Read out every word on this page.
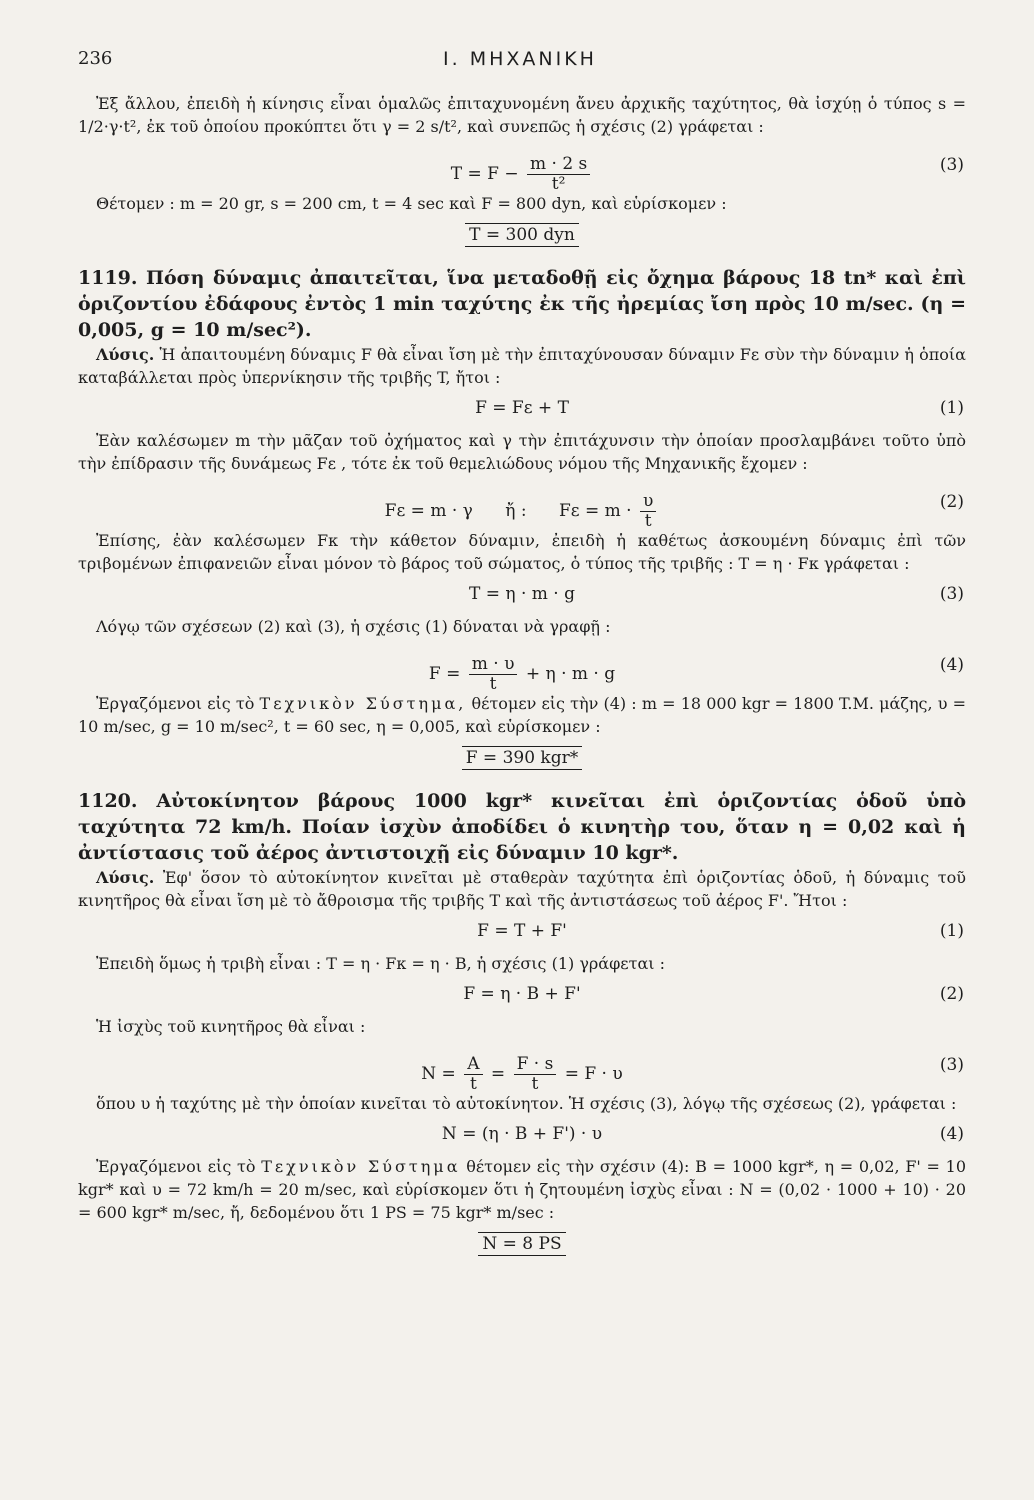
236	I. ΜΗΧΑΝΙΚΗ

Ἐξ ἄλλου, ἐπειδὴ ἡ κίνησις εἶναι ὁμαλῶς ἐπιταχυνομένη ἄνευ ἀρχικῆς ταχύτητος, θὰ ἰσχύῃ ὁ τύπος s = 1/2·γ·t², ἐκ τοῦ ὁποίου προκύπτει ὅτι γ = 2 s/t², καὶ συνεπῶς ἡ σχέσις (2) γράφεται :

$T = F - \frac{m \cdot 2 s}{\text{t²}}$	(3)

Θέτομεν : m = 20 gr, s = 200 cm, t = 4 sec καὶ F = 800 dyn, καὶ εὑρίσκομεν :

T = 300 dyn
1119. Πόση δύναμις ἀπαιτεῖται, ἵνα μεταδοθῇ εἰς ὄχημα βάρους 18 tn* καὶ ἐπὶ ὁριζοντίου ἐδάφους ἐντὸς 1 min ταχύτης ἐκ τῆς ἠρεμίας ἴση πρὸς 10 m/sec. (η = 0,005, g = 10 m/sec²).

Λύσις. Ἡ ἀπαιτουμένη δύναμις F θὰ εἶναι ἴση μὲ τὴν ἐπιταχύνουσαν δύναμιν Fε σὺν τὴν δύναμιν ἡ ὁποία καταβάλλεται πρὸς ὑπερνίκησιν τῆς τριβῆς T, ἤτοι :

F = Fε + T	(1)

Ἐὰν καλέσωμεν m τὴν μᾶζαν τοῦ ὀχήματος καὶ γ τὴν ἐπιτάχυνσιν τὴν ὁποίαν προσλαμβάνει τοῦτο ὑπὸ τὴν ἐπίδρασιν τῆς δυνάμεως Fε , τότε ἐκ τοῦ θεμελιώδους νόμου τῆς Μηχανικῆς ἔχομεν :

Fε = m · γ      ἤ :      $F\varepsilon = m \cdot \frac{\upsilon}{t}$	(2)

Ἐπίσης, ἐὰν καλέσωμεν Fκ τὴν κάθετον δύναμιν, ἐπειδὴ ἡ καθέτως ἀσκουμένη δύναμις ἐπὶ τῶν τριβομένων ἐπιφανειῶν εἶναι μόνον τὸ βάρος τοῦ σώματος, ὁ τύπος τῆς τριβῆς : T = η · Fκ γράφεται :

T = η · m · g	(3)

Λόγῳ τῶν σχέσεων (2) καὶ (3), ἡ σχέσις (1) δύναται νὰ γραφῇ :

$F = \frac{m \cdot \upsilon}{t} + \eta \cdot m \cdot g$	(4)

Ἐργαζόμενοι εἰς τὸ Τεχνικὸν Σύστημα, θέτομεν εἰς τὴν (4) : m = 18 000 kgr = 1800 T.M. μάζης, υ = 10 m/sec, g = 10 m/sec², t = 60 sec, η = 0,005, καὶ εὑρίσκομεν :

F = 390 kgr*
1120. Αὐτοκίνητον βάρους 1000 kgr* κινεῖται ἐπὶ ὁριζοντίας ὁδοῦ ὑπὸ ταχύτητα 72 km/h. Ποίαν ἰσχὺν ἀποδίδει ὁ κινητὴρ του, ὅταν η = 0,02 καὶ ἡ ἀντίστασις τοῦ ἀέρος ἀντιστοιχῇ εἰς δύναμιν 10 kgr*.

Λύσις. Ἐφ' ὅσον τὸ αὐτοκίνητον κινεῖται μὲ σταθερὰν ταχύτητα ἐπὶ ὁριζοντίας ὁδοῦ, ἡ δύναμις τοῦ κινητῆρος θὰ εἶναι ἴση μὲ τὸ ἄθροισμα τῆς τριβῆς T καὶ τῆς ἀντιστάσεως τοῦ ἀέρος F'. Ἤτοι :

F = T + F'	(1)

Ἐπειδὴ ὅμως ἡ τριβὴ εἶναι : T = η · Fκ = η · B, ἡ σχέσις (1) γράφεται :

F = η · B + F'	(2)

Ἡ ἰσχὺς τοῦ κινητῆρος θὰ εἶναι :

$N = \frac{A}{t} = \frac{F \cdot s}{t} = F \cdot \upsilon$	(3)

ὅπου υ ἡ ταχύτης μὲ τὴν ὁποίαν κινεῖται τὸ αὐτοκίνητον. Ἡ σχέσις (3), λόγῳ τῆς σχέσεως (2), γράφεται :

N = (η · B + F') · υ	(4)

Ἐργαζόμενοι εἰς τὸ Τεχνικὸν Σύστημα θέτομεν εἰς τὴν σχέσιν (4): B = 1000 kgr*, η = 0,02, F' = 10 kgr* καὶ υ = 72 km/h = 20 m/sec, καὶ εὑρίσκομεν ὅτι ἡ ζητουμένη ἰσχὺς εἶναι : N = (0,02 · 1000 + 10) · 20 = 600 kgr* m/sec, ἤ, δεδομένου ὅτι 1 PS = 75 kgr* m/sec :

N = 8 PS
